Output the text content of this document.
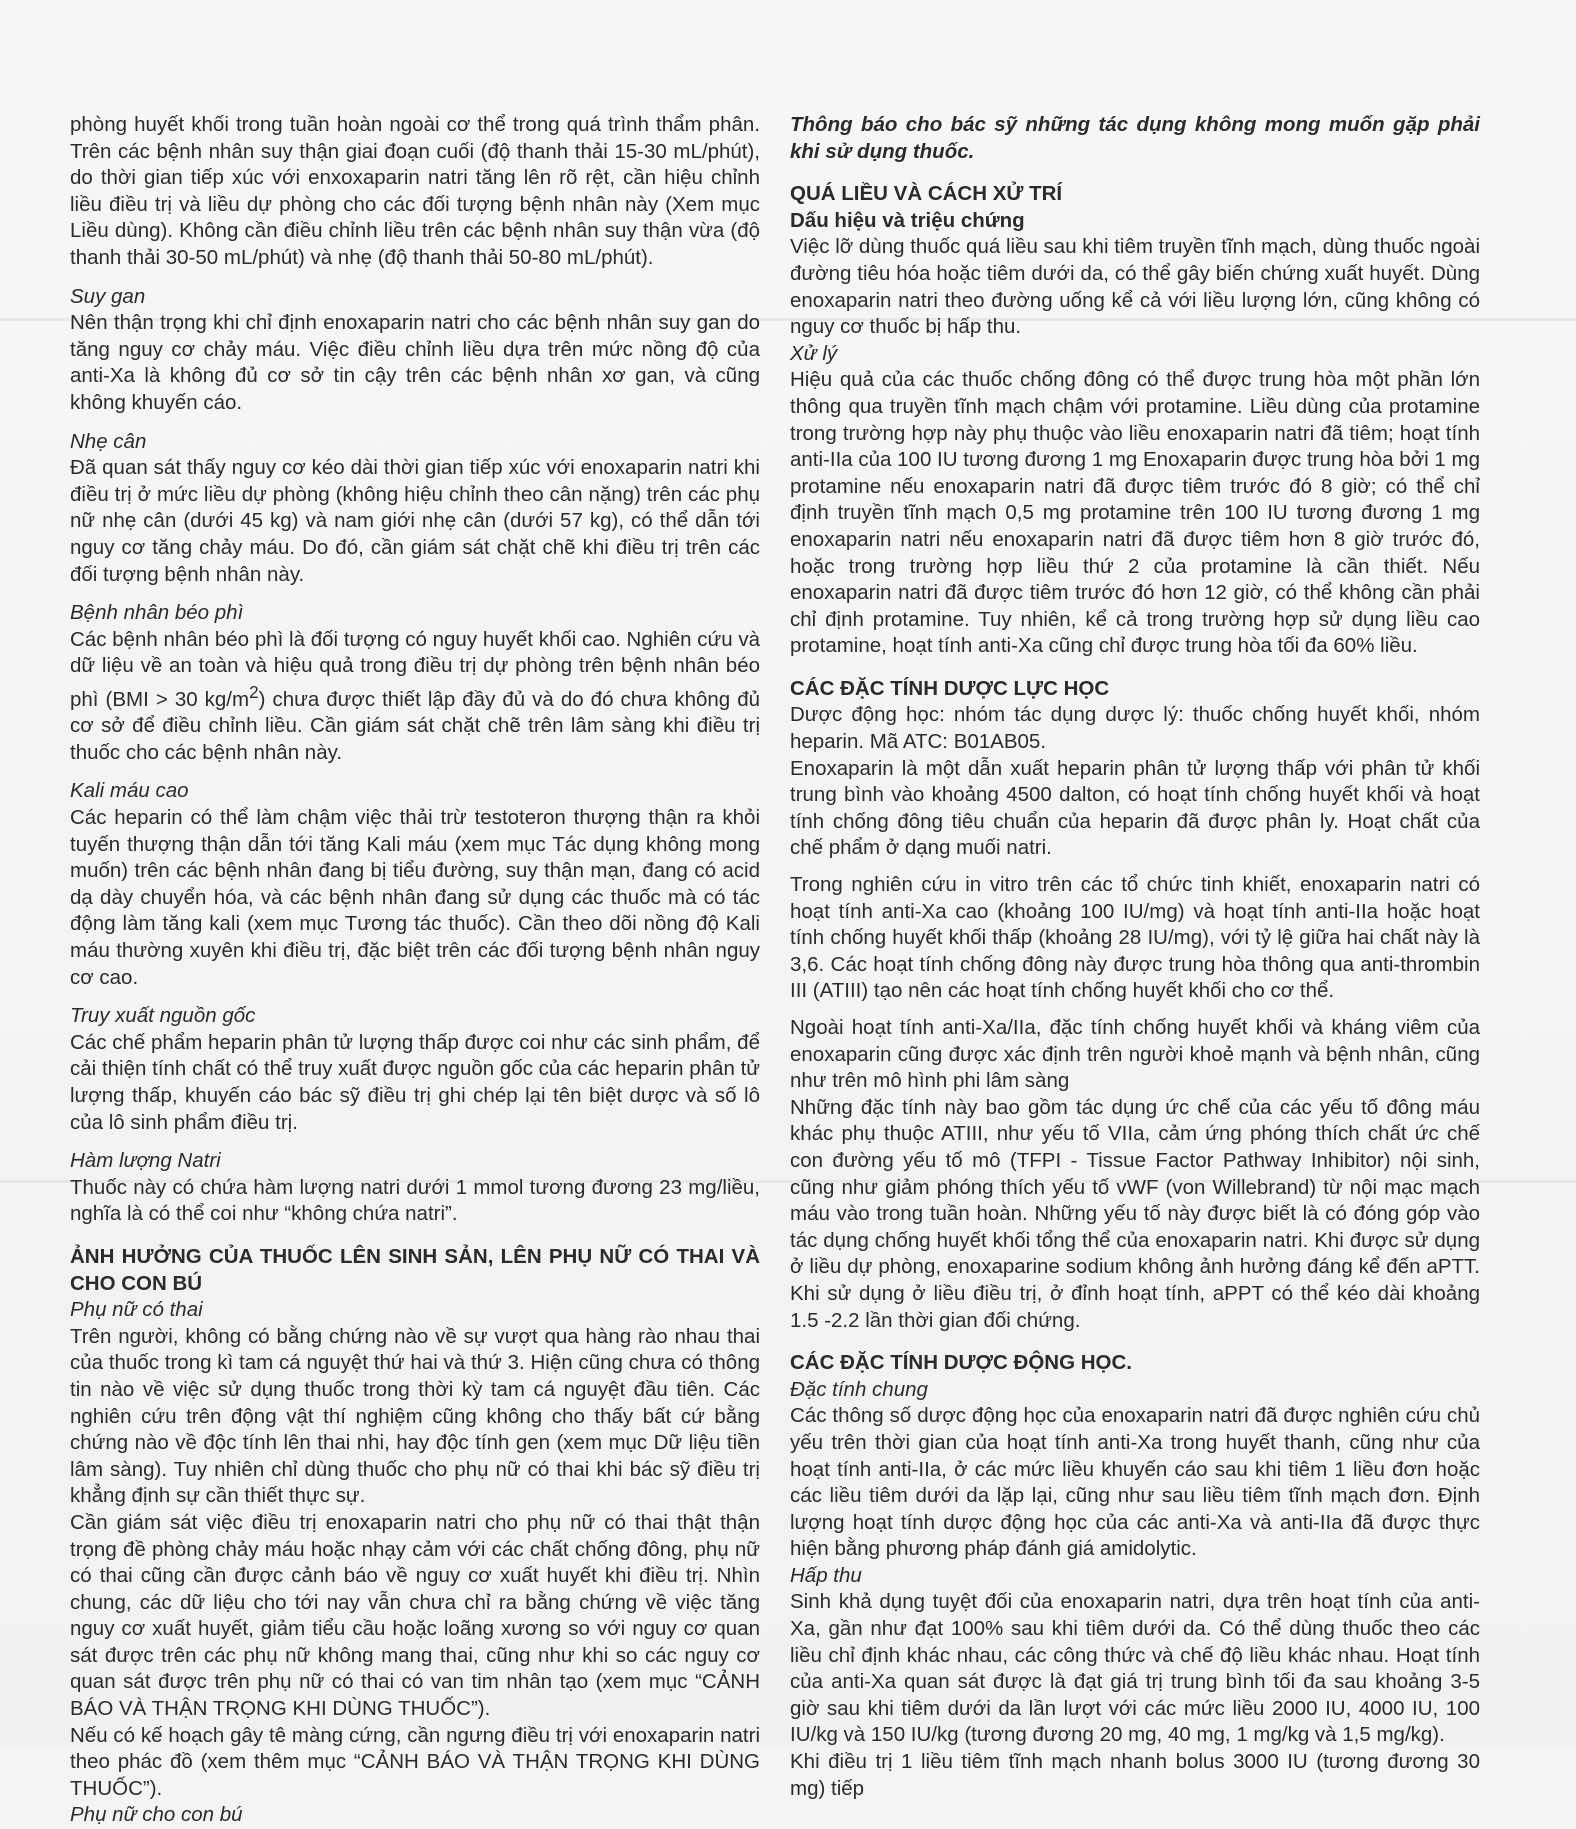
phòng huyết khối trong tuần hoàn ngoài cơ thể trong quá trình thẩm phân. Trên các bệnh nhân suy thận giai đoạn cuối (độ thanh thải 15-30 mL/phút), do thời gian tiếp xúc với enxoxaparin natri tăng lên rõ rệt, cần hiệu chỉnh liều điều trị và liều dự phòng cho các đối tượng bệnh nhân này (Xem mục Liều dùng). Không cần điều chỉnh liều trên các bệnh nhân suy thận vừa (độ thanh thải 30-50 mL/phút) và nhẹ (độ thanh thải 50-80 mL/phút).

Suy gan

Nên thận trọng khi chỉ định enoxaparin natri cho các bệnh nhân suy gan do tăng nguy cơ chảy máu. Việc điều chỉnh liều dựa trên mức nồng độ của anti-Xa là không đủ cơ sở tin cậy trên các bệnh nhân xơ gan, và cũng không khuyến cáo.

Nhẹ cân

Đã quan sát thấy nguy cơ kéo dài thời gian tiếp xúc với enoxaparin natri khi điều trị ở mức liều dự phòng (không hiệu chỉnh theo cân nặng) trên các phụ nữ nhẹ cân (dưới 45 kg) và nam giới nhẹ cân (dưới 57 kg), có thể dẫn tới nguy cơ tăng chảy máu. Do đó, cần giám sát chặt chẽ khi điều trị trên các đối tượng bệnh nhân này.

Bệnh nhân béo phì

Các bệnh nhân béo phì là đối tượng có nguy huyết khối cao. Nghiên cứu và dữ liệu về an toàn và hiệu quả trong điều trị dự phòng trên bệnh nhân béo phì (BMI > 30 $kg/m^2$) chưa được thiết lập đầy đủ và do đó chưa không đủ cơ sở để điều chỉnh liều. Cần giám sát chặt chẽ trên lâm sàng khi điều trị thuốc cho các bệnh nhân này.

Kali máu cao

Các heparin có thể làm chậm việc thải trừ testoteron thượng thận ra khỏi tuyến thượng thận dẫn tới tăng Kali máu (xem mục Tác dụng không mong muốn) trên các bệnh nhân đang bị tiểu đường, suy thận mạn, đang có acid dạ dày chuyển hóa, và các bệnh nhân đang sử dụng các thuốc mà có tác động làm tăng kali (xem mục Tương tác thuốc). Cần theo dõi nồng độ Kali máu thường xuyên khi điều trị, đặc biệt trên các đối tượng bệnh nhân nguy cơ cao.

Truy xuất nguồn gốc

Các chế phẩm heparin phân tử lượng thấp được coi như các sinh phẩm, để cải thiện tính chất có thể truy xuất được nguồn gốc của các heparin phân tử lượng thấp, khuyến cáo bác sỹ điều trị ghi chép lại tên biệt dược và số lô của lô sinh phẩm điều trị.

Hàm lượng Natri

Thuốc này có chứa hàm lượng natri dưới 1 mmol tương đương 23 mg/liều, nghĩa là có thể coi như “không chứa natri”.

ẢNH HƯỞNG CỦA THUỐC LÊN SINH SẢN, LÊN PHỤ NỮ CÓ THAI VÀ CHO CON BÚ

Phụ nữ có thai

Trên người, không có bằng chứng nào về sự vượt qua hàng rào nhau thai của thuốc trong kì tam cá nguyệt thứ hai và thứ 3. Hiện cũng chưa có thông tin nào về việc sử dụng thuốc trong thời kỳ tam cá nguyệt đầu tiên. Các nghiên cứu trên động vật thí nghiệm cũng không cho thấy bất cứ bằng chứng nào về độc tính lên thai nhi, hay độc tính gen (xem mục Dữ liệu tiền lâm sàng). Tuy nhiên chỉ dùng thuốc cho phụ nữ có thai khi bác sỹ điều trị khẳng định sự cần thiết thực sự.

Cần giám sát việc điều trị enoxaparin natri cho phụ nữ có thai thật thận trọng đề phòng chảy máu hoặc nhạy cảm với các chất chống đông, phụ nữ có thai cũng cần được cảnh báo về nguy cơ xuất huyết khi điều trị. Nhìn chung, các dữ liệu cho tới nay vẫn chưa chỉ ra bằng chứng về việc tăng nguy cơ xuất huyết, giảm tiểu cầu hoặc loãng xương so với nguy cơ quan sát được trên các phụ nữ không mang thai, cũng như khi so các nguy cơ quan sát được trên phụ nữ có thai có van tim nhân tạo (xem mục “CẢNH BÁO VÀ THẬN TRỌNG KHI DÙNG THUỐC”).

Nếu có kế hoạch gây tê màng cứng, cần ngưng điều trị với enoxaparin natri theo phác đồ (xem thêm mục “CẢNH BÁO VÀ THẬN TRỌNG KHI DÙNG THUỐC”).

Phụ nữ cho con bú

Thông báo cho bác sỹ những tác dụng không mong muốn gặp phải khi sử dụng thuốc.

QUÁ LIỀU VÀ CÁCH XỬ TRÍ

Dấu hiệu và triệu chứng

Việc lỡ dùng thuốc quá liều sau khi tiêm truyền tĩnh mạch, dùng thuốc ngoài đường tiêu hóa hoặc tiêm dưới da, có thể gây biến chứng xuất huyết. Dùng enoxaparin natri theo đường uống kể cả với liều lượng lớn, cũng không có nguy cơ thuốc bị hấp thu.

Xử lý

Hiệu quả của các thuốc chống đông có thể được trung hòa một phần lớn thông qua truyền tĩnh mạch chậm với protamine. Liều dùng của protamine trong trường hợp này phụ thuộc vào liều enoxaparin natri đã tiêm; hoạt tính anti-IIa của 100 IU tương đương 1 mg Enoxaparin được trung hòa bởi 1 mg protamine nếu enoxaparin natri đã được tiêm trước đó 8 giờ; có thể chỉ định truyền tĩnh mạch 0,5 mg protamine trên 100 IU tương đương 1 mg enoxaparin natri nếu enoxaparin natri đã được tiêm hơn 8 giờ trước đó, hoặc trong trường hợp liều thứ 2 của protamine là cần thiết. Nếu enoxaparin natri đã được tiêm trước đó hơn 12 giờ, có thể không cần phải chỉ định protamine. Tuy nhiên, kể cả trong trường hợp sử dụng liều cao protamine, hoạt tính anti-Xa cũng chỉ được trung hòa tối đa 60% liều.

CÁC ĐẶC TÍNH DƯỢC LỰC HỌC

Dược động học: nhóm tác dụng dược lý: thuốc chống huyết khối, nhóm heparin. Mã ATC: B01AB05.

Enoxaparin là một dẫn xuất heparin phân tử lượng thấp với phân tử khối trung bình vào khoảng 4500 dalton, có hoạt tính chống huyết khối và hoạt tính chống đông tiêu chuẩn của heparin đã được phân ly. Hoạt chất của chế phẩm ở dạng muối natri.

Trong nghiên cứu in vitro trên các tổ chức tinh khiết, enoxaparin natri có hoạt tính anti-Xa cao (khoảng 100 IU/mg) và hoạt tính anti-IIa hoặc hoạt tính chống huyết khối thấp (khoảng 28 IU/mg), với tỷ lệ giữa hai chất này là 3,6. Các hoạt tính chống đông này được trung hòa thông qua anti-thrombin III (ATIII) tạo nên các hoạt tính chống huyết khối cho cơ thể.

Ngoài hoạt tính anti-Xa/IIa, đặc tính chống huyết khối và kháng viêm của enoxaparin cũng được xác định trên người khoẻ mạnh và bệnh nhân, cũng như trên mô hình phi lâm sàng

Những đặc tính này bao gồm tác dụng ức chế của các yếu tố đông máu khác phụ thuộc ATIII, như yếu tố VIIa, cảm ứng phóng thích chất ức chế con đường yếu tố mô (TFPI - Tissue Factor Pathway Inhibitor) nội sinh, cũng như giảm phóng thích yếu tố vWF (von Willebrand) từ nội mạc mạch máu vào trong tuần hoàn. Những yếu tố này được biết là có đóng góp vào tác dụng chống huyết khối tổng thể của enoxaparin natri. Khi được sử dụng ở liều dự phòng, enoxaparine sodium không ảnh hưởng đáng kể đến aPTT. Khi sử dụng ở liều điều trị, ở đỉnh hoạt tính, aPPT có thể kéo dài khoảng 1.5 -2.2 lần thời gian đối chứng.

CÁC ĐẶC TÍNH DƯỢC ĐỘNG HỌC.

Đặc tính chung

Các thông số dược động học của enoxaparin natri đã được nghiên cứu chủ yếu trên thời gian của hoạt tính anti-Xa trong huyết thanh, cũng như của hoạt tính anti-IIa, ở các mức liều khuyến cáo sau khi tiêm 1 liều đơn hoặc các liều tiêm dưới da lặp lại, cũng như sau liều tiêm tĩnh mạch đơn. Định lượng hoạt tính dược động học của các anti-Xa và anti-IIa đã được thực hiện bằng phương pháp đánh giá amidolytic.

Hấp thu

Sinh khả dụng tuyệt đối của enoxaparin natri, dựa trên hoạt tính của anti-Xa, gần như đạt 100% sau khi tiêm dưới da. Có thể dùng thuốc theo các liều chỉ định khác nhau, các công thức và chế độ liều khác nhau. Hoạt tính của anti-Xa quan sát được là đạt giá trị trung bình tối đa sau khoảng 3-5 giờ sau khi tiêm dưới da lần lượt với các mức liều 2000 IU, 4000 IU, 100 IU/kg và 150 IU/kg (tương đương 20 mg, 40 mg, 1 mg/kg và 1,5 mg/kg).

Khi điều trị 1 liều tiêm tĩnh mạch nhanh bolus 3000 IU (tương đương 30 mg) tiếp
